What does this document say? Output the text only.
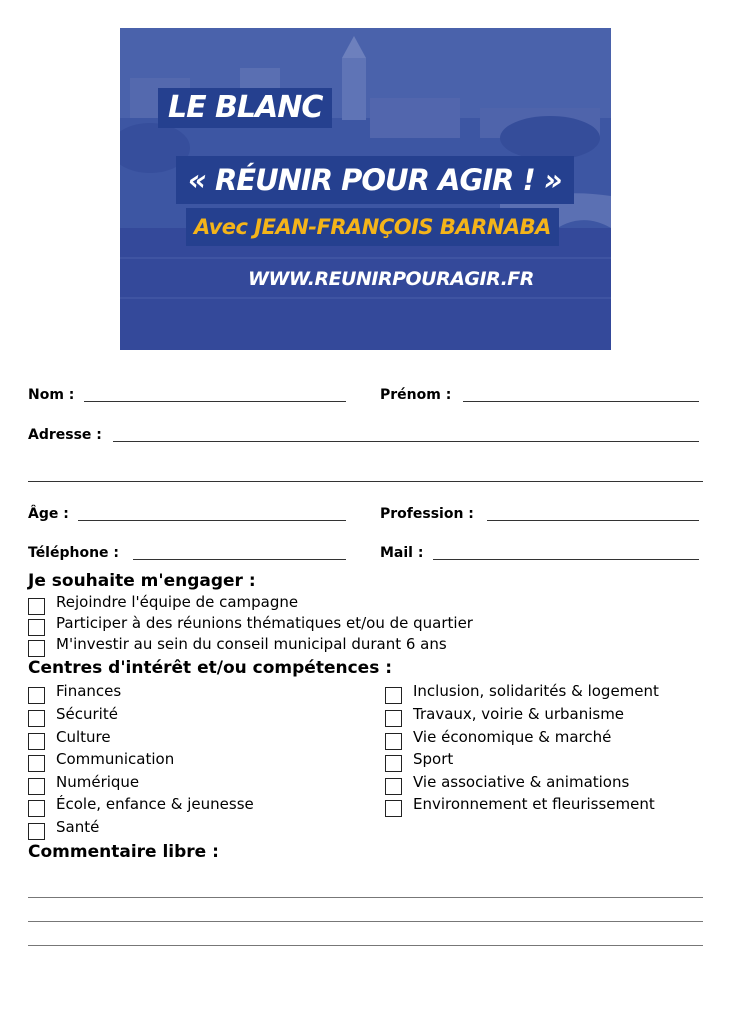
LE BLANC
« RÉUNIR POUR AGIR ! »
Avec JEAN-FRANÇOIS BARNABA
WWW.REUNIRPOURAGIR.FR
Nom :	Prénom :
Adresse :
Âge :	Profession :
Téléphone :	Mail :
Je souhaite m'engager :
Rejoindre l'équipe de campagne
Participer à des réunions thématiques et/ou de quartier
M'investir au sein du conseil municipal durant 6 ans
Centres d'intérêt et/ou compétences :
Finances
Sécurité
Culture
Communication
Numérique
École, enfance & jeunesse
Santé
Inclusion, solidarités & logement
Travaux, voirie & urbanisme
Vie économique & marché
Sport
Vie associative & animations
Environnement et fleurissement
Commentaire libre :
